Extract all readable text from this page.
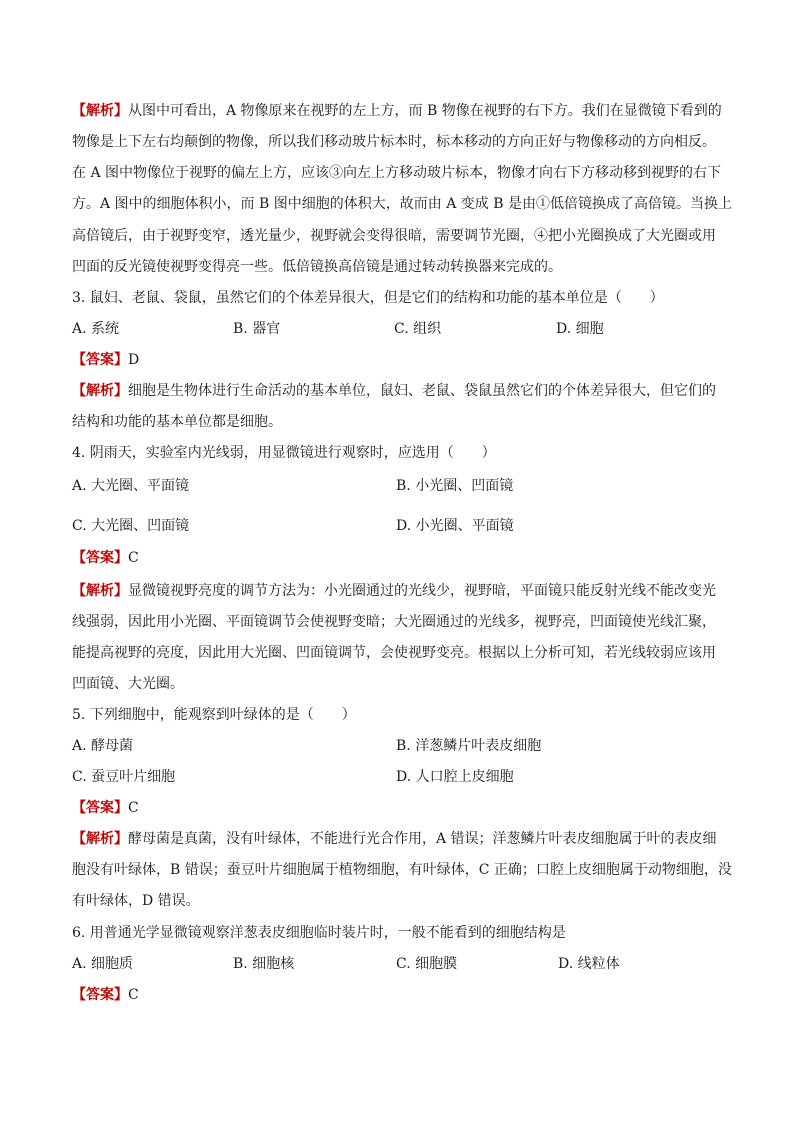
【解析】从图中可看出，A 物像原来在视野的左上方，而 B 物像在视野的右下方。我们在显微镜下看到的
物像是上下左右均颠倒的物像，所以我们移动玻片标本时，标本移动的方向正好与物像移动的方向相反。
在 A 图中物像位于视野的偏左上方，应该③向左上方移动玻片标本，物像才向右下方移动移到视野的右下
方。A 图中的细胞体积小，而 B 图中细胞的体积大，故而由 A 变成 B 是由①低倍镜换成了高倍镜。当换上
高倍镜后，由于视野变窄，透光量少，视野就会变得很暗，需要调节光圈，④把小光圈换成了大光圈或用
凹面的反光镜使视野变得亮一些。低倍镜换高倍镜是通过转动转换器来完成的。
3. 鼠妇、老鼠、袋鼠，虽然它们的个体差异很大，但是它们的结构和功能的基本单位是（　　）
A. 系统	B. 器官	C. 组织	D. 细胞
【答案】D
【解析】细胞是生物体进行生命活动的基本单位，鼠妇、老鼠、袋鼠虽然它们的个体差异很大，但它们的
结构和功能的基本单位都是细胞。
4. 阴雨天，实验室内光线弱，用显微镜进行观察时，应选用（　　）
A. 大光圈、平面镜	B. 小光圈、凹面镜
C. 大光圈、凹面镜	D. 小光圈、平面镜
【答案】C
【解析】显微镜视野亮度的调节方法为：小光圈通过的光线少，视野暗，平面镜只能反射光线不能改变光
线强弱，因此用小光圈、平面镜调节会使视野变暗；大光圈通过的光线多，视野亮，凹面镜使光线汇聚，
能提高视野的亮度，因此用大光圈、凹面镜调节，会使视野变亮。根据以上分析可知，若光线较弱应该用
凹面镜、大光圈。
5. 下列细胞中，能观察到叶绿体的是（　　）
A. 酵母菌	B. 洋葱鳞片叶表皮细胞
C. 蚕豆叶片细胞	D. 人口腔上皮细胞
【答案】C
【解析】酵母菌是真菌，没有叶绿体，不能进行光合作用，A 错误；洋葱鳞片叶表皮细胞属于叶的表皮细
胞没有叶绿体，B 错误；蚕豆叶片细胞属于植物细胞，有叶绿体，C 正确；口腔上皮细胞属于动物细胞，没
有叶绿体，D 错误。
6. 用普通光学显微镜观察洋葱表皮细胞临时装片时，一般不能看到的细胞结构是
A. 细胞质	B. 细胞核	C. 细胞膜	D. 线粒体
【答案】C
